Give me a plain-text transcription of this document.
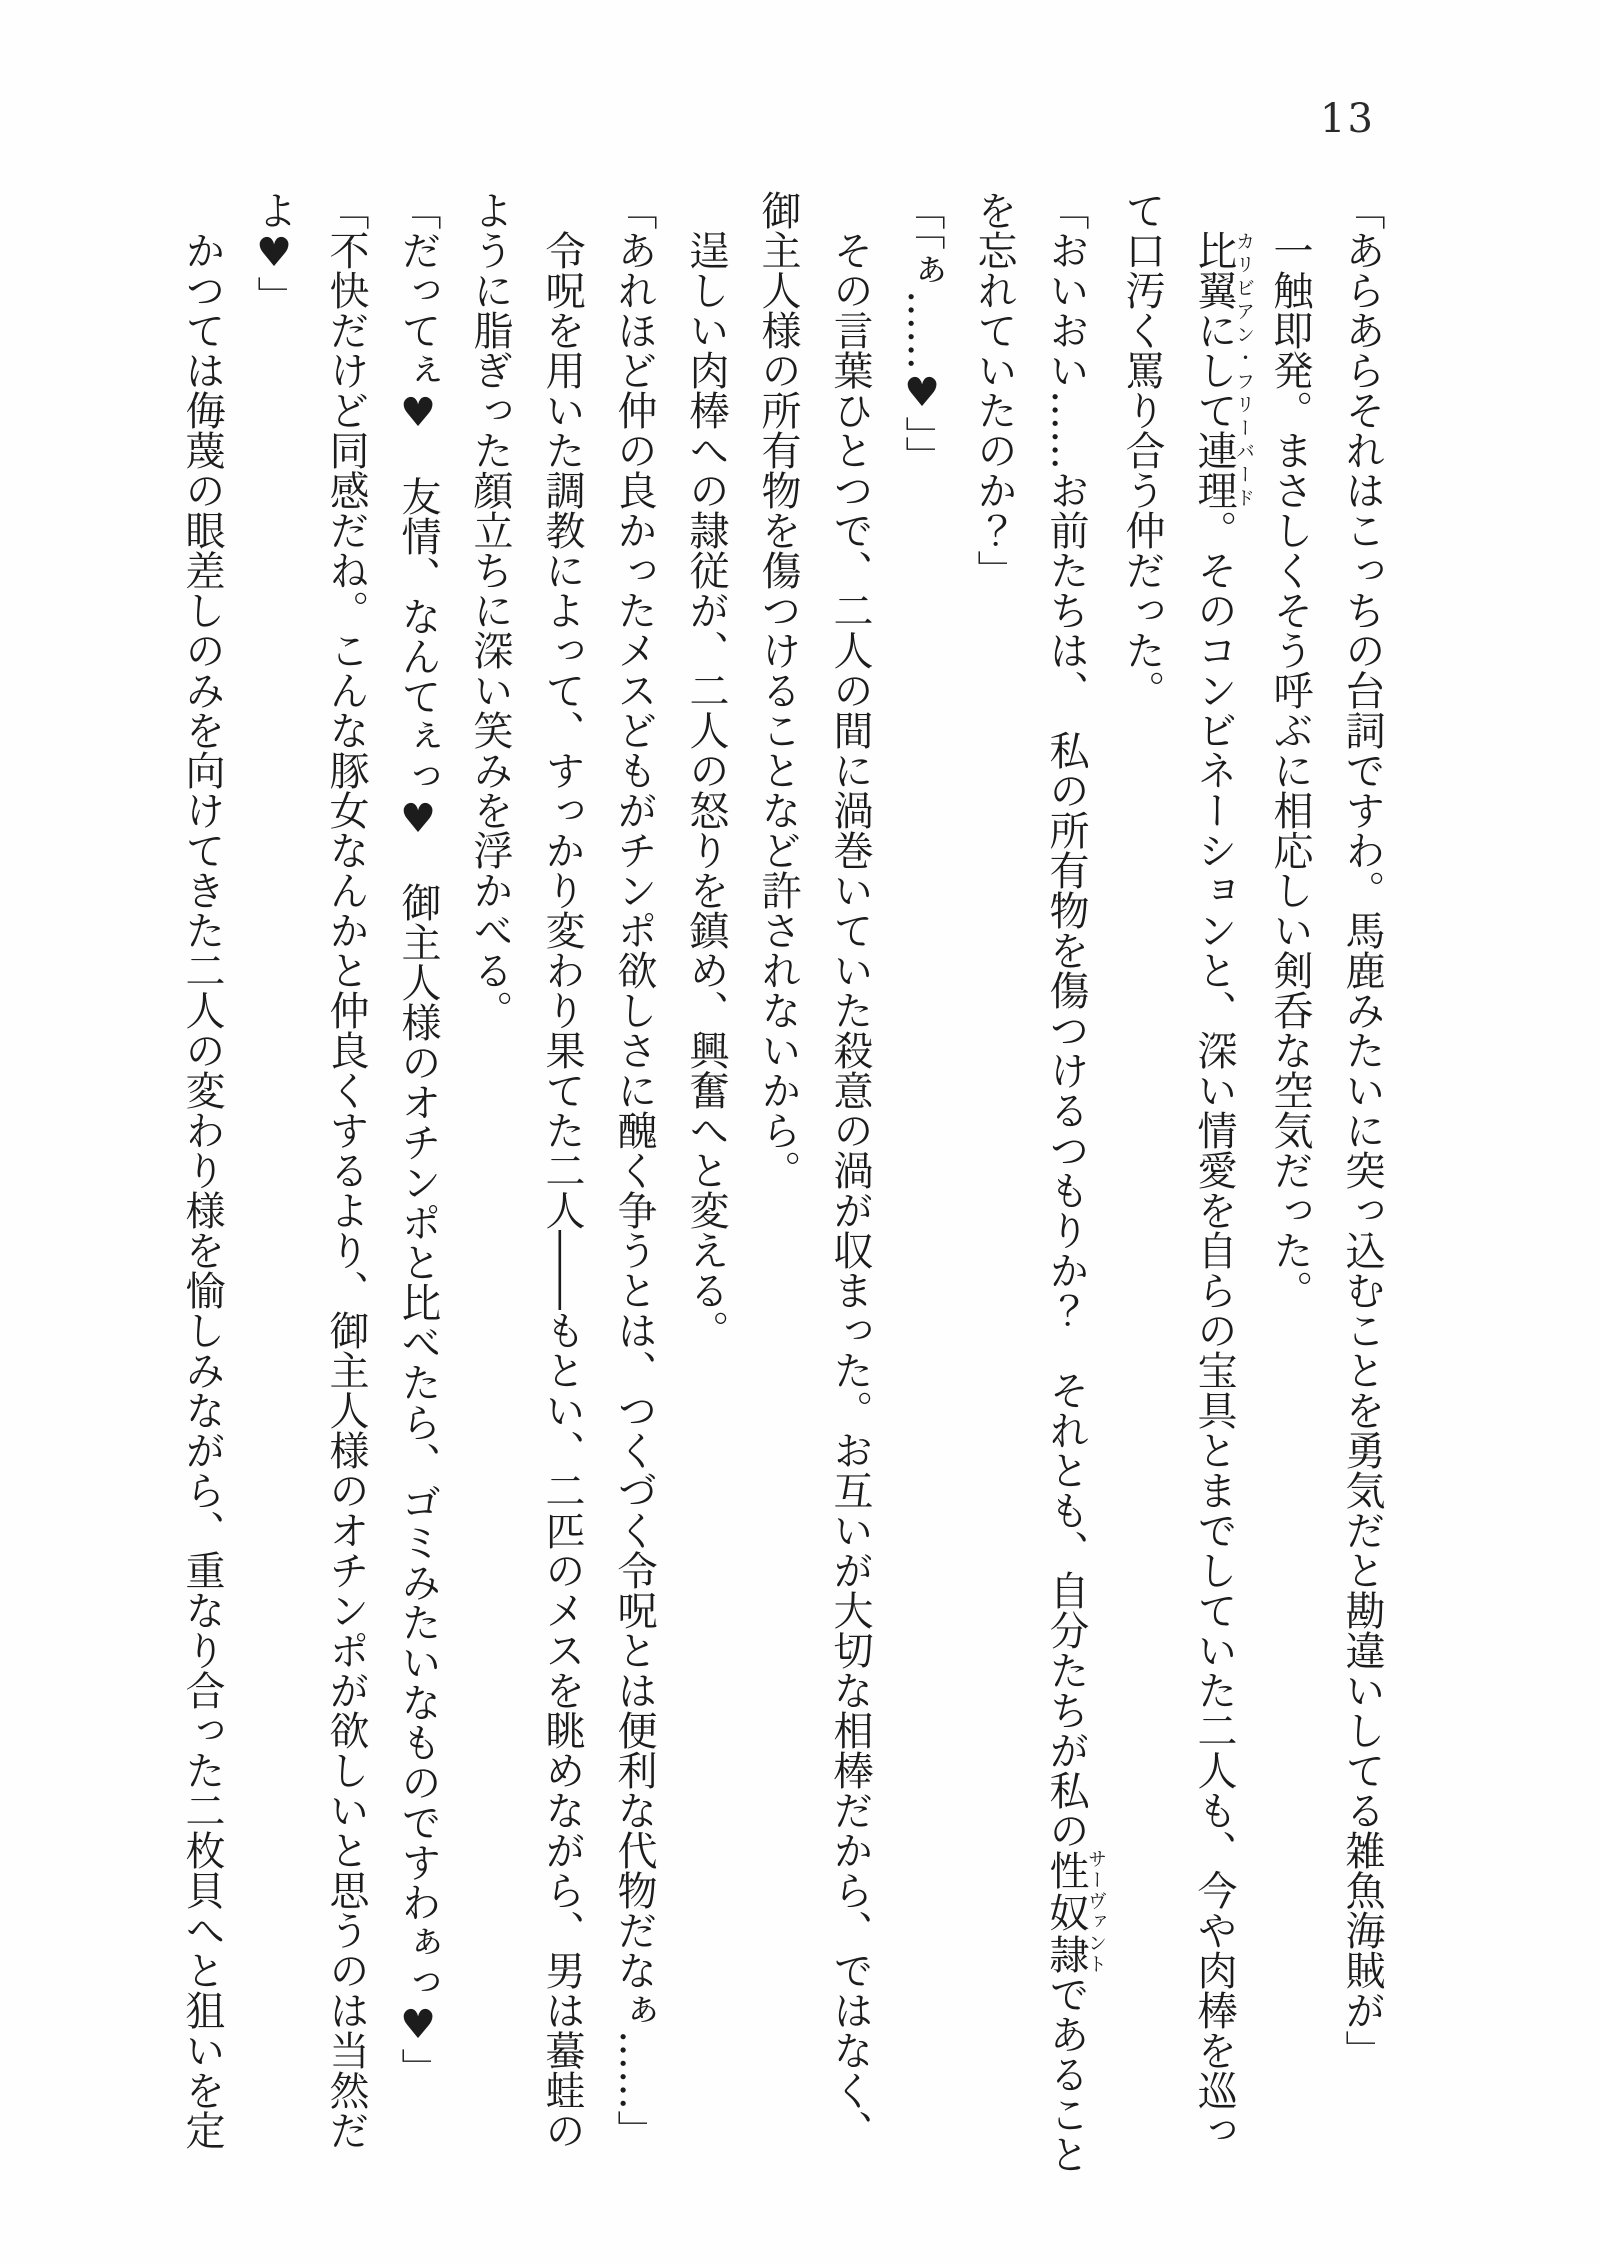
13
「あらあらそれはこっちの台詞ですわ。馬鹿みたいに突っ込むことを勇気だと勘違いしてる雑魚海賊が」
　一触即発。まさしくそう呼ぶに相応しい剣呑な空気だった。
　比翼にして連理カリビアン・フリーバード。そのコンビネーションと、深い情愛を自らの宝具とまでしていた二人も、今や肉棒を巡っ
て口汚く罵り合う仲だった。
「おいおい……お前たちは、　私の所有物を傷つけるつもりか？　それとも、自分たちが私の性奴隷サーヴァントであること
を忘れていたのか？」
「「ぁ……♥」」
　その言葉ひとつで、二人の間に渦巻いていた殺意の渦が収まった。お互いが大切な相棒だから、ではなく、
御主人様の所有物を傷つけることなど許されないから。
　逞しい肉棒への隷従が、二人の怒りを鎮め、興奮へと変える。
「あれほど仲の良かったメスどもがチンポ欲しさに醜く争うとは、つくづく令呪とは便利な代物だなぁ……」
　令呪を用いた調教によって、すっかり変わり果てた二人――もとい、二匹のメスを眺めながら、男は蟇蛙の
ように脂ぎった顔立ちに深い笑みを浮かべる。
「だってぇ♥　友情、なんてぇっ♥　御主人様のオチンポと比べたら、ゴミみたいなものですわぁっ♥」
「不快だけど同感だね。こんな豚女なんかと仲良くするより、御主人様のオチンポが欲しいと思うのは当然だ
よ♥」
　かつては侮蔑の眼差しのみを向けてきた二人の変わり様を愉しみながら、重なり合った二枚貝へと狙いを定
